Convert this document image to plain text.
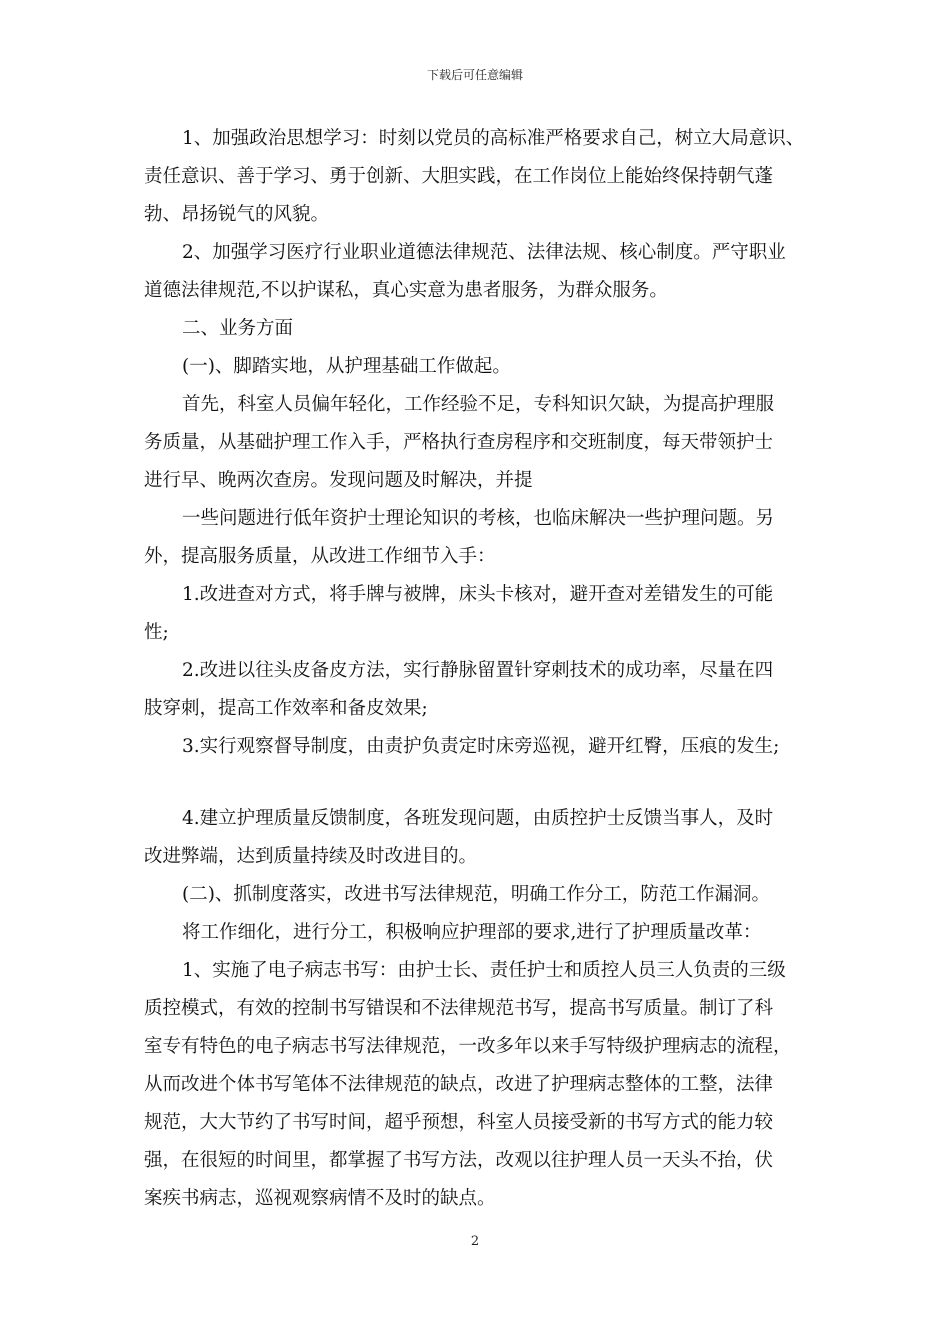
下载后可任意编辑
1、加强政治思想学习：时刻以党员的高标准严格要求自己，树立大局意识、
责任意识、善于学习、勇于创新、大胆实践，在工作岗位上能始终保持朝气蓬
勃、昂扬锐气的风貌。
2、加强学习医疗行业职业道德法律规范、法律法规、核心制度。严守职业
道德法律规范,不以护谋私，真心实意为患者服务，为群众服务。
二、业务方面
(一)、脚踏实地，从护理基础工作做起。
首先，科室人员偏年轻化，工作经验不足，专科知识欠缺，为提高护理服
务质量，从基础护理工作入手，严格执行查房程序和交班制度，每天带领护士
进行早、晚两次查房。发现问题及时解决，并提
一些问题进行低年资护士理论知识的考核，也临床解决一些护理问题。另
外，提高服务质量，从改进工作细节入手：
1.改进查对方式，将手牌与被牌，床头卡核对，避开查对差错发生的可能
性;
2.改进以往头皮备皮方法，实行静脉留置针穿刺技术的成功率，尽量在四
肢穿刺，提高工作效率和备皮效果;
3.实行观察督导制度，由责护负责定时床旁巡视，避开红臀，压痕的发生;
4.建立护理质量反馈制度，各班发现问题，由质控护士反馈当事人，及时
改进弊端，达到质量持续及时改进目的。
(二)、抓制度落实，改进书写法律规范，明确工作分工，防范工作漏洞。
将工作细化，进行分工，积极响应护理部的要求,进行了护理质量改革：
1、实施了电子病志书写：由护士长、责任护士和质控人员三人负责的三级
质控模式，有效的控制书写错误和不法律规范书写，提高书写质量。制订了科
室专有特色的电子病志书写法律规范，一改多年以来手写特级护理病志的流程，
从而改进个体书写笔体不法律规范的缺点，改进了护理病志整体的工整，法律
规范，大大节约了书写时间，超乎预想，科室人员接受新的书写方式的能力较
强，在很短的时间里，都掌握了书写方法，改观以往护理人员一天头不抬，伏
案疾书病志，巡视观察病情不及时的缺点。
2
